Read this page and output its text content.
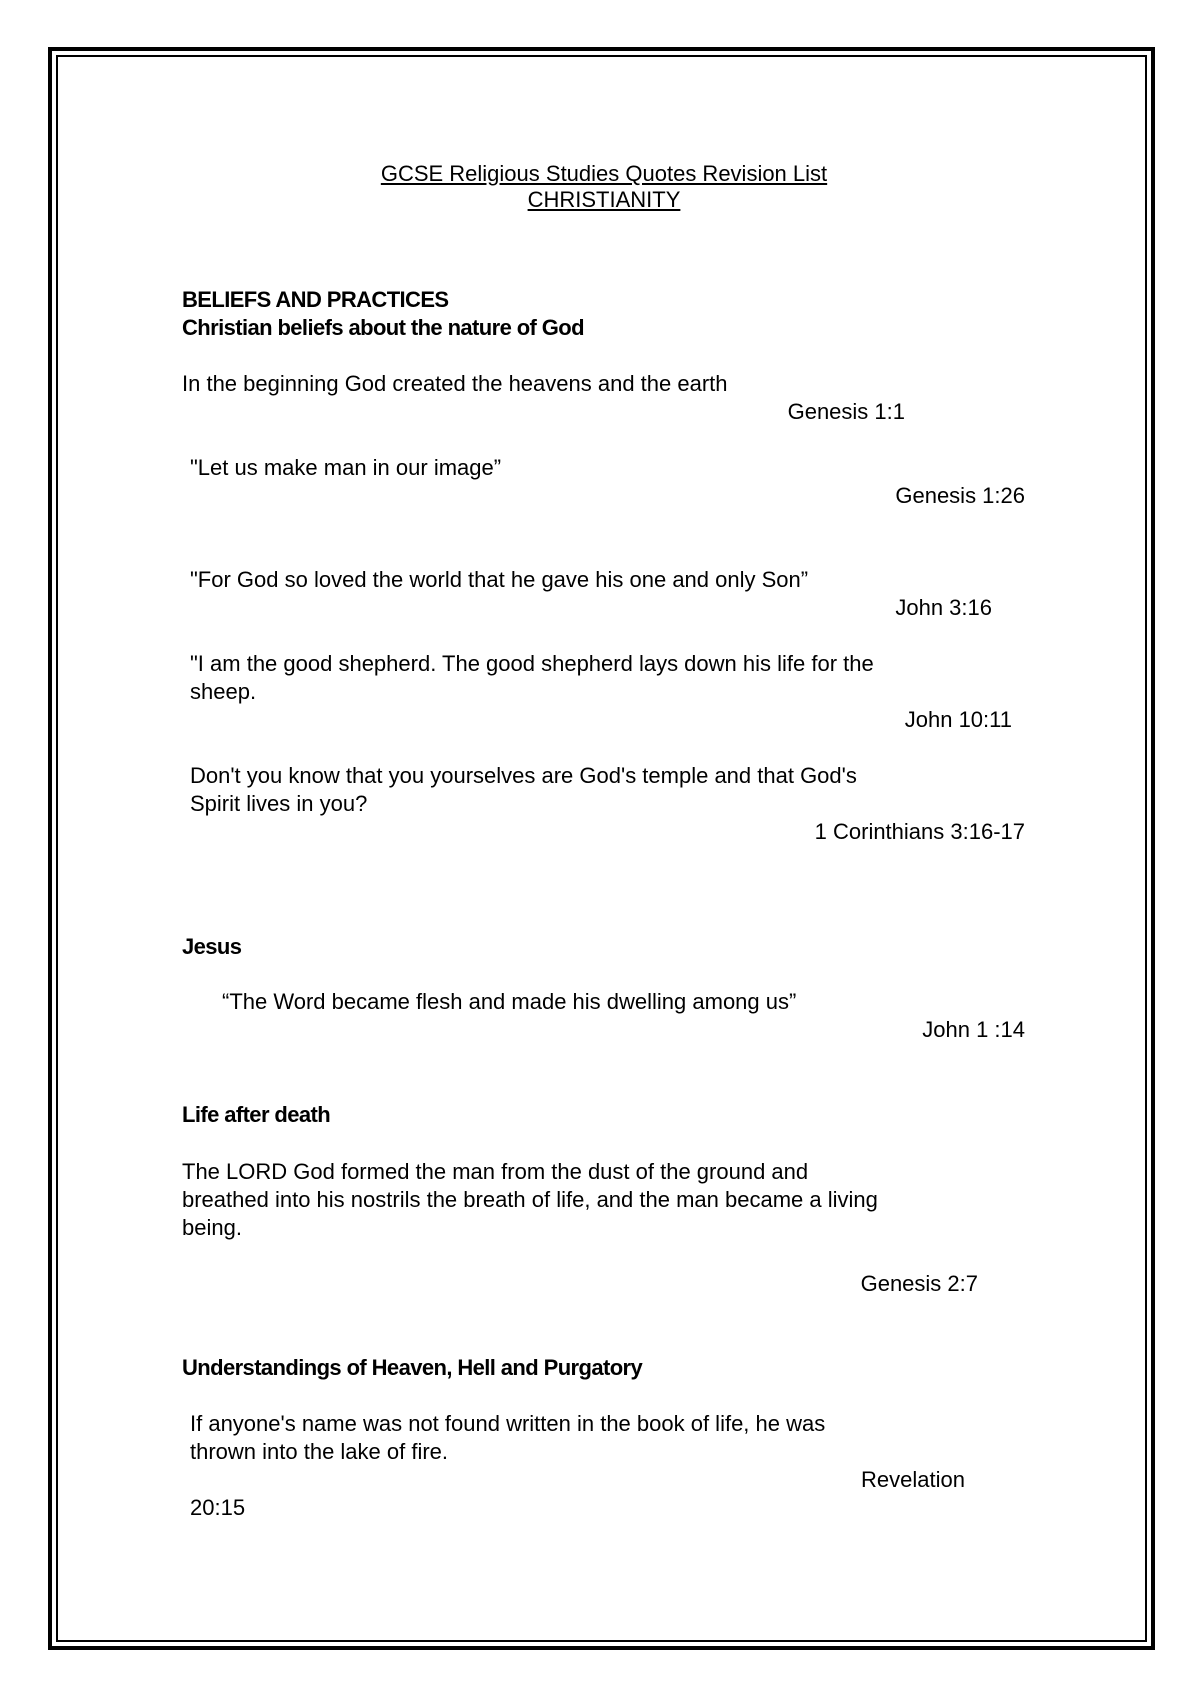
GCSE Religious Studies Quotes Revision List
CHRISTIANITY
BELIEFS AND PRACTICES
Christian beliefs about the nature of God
In the beginning God created the heavens and the earth
Genesis 1:1
"Let us make man in our image”
Genesis 1:26
"For God so loved the world that he gave his one and only Son”
John 3:16
"I am the good shepherd. The good shepherd lays down his life for the
sheep.
John 10:11
Don't you know that you yourselves are God's temple and that God's
Spirit lives in you?
1 Corinthians 3:16-17
Jesus
“The Word became flesh and made his dwelling among us”
John 1 :14
Life after death
The LORD God formed the man from the dust of the ground and
breathed into his nostrils the breath of life, and the man became a living
being.
Genesis 2:7
Understandings of Heaven, Hell and Purgatory
If anyone's name was not found written in the book of life, he was
thrown into the lake of fire.
Revelation
20:15
